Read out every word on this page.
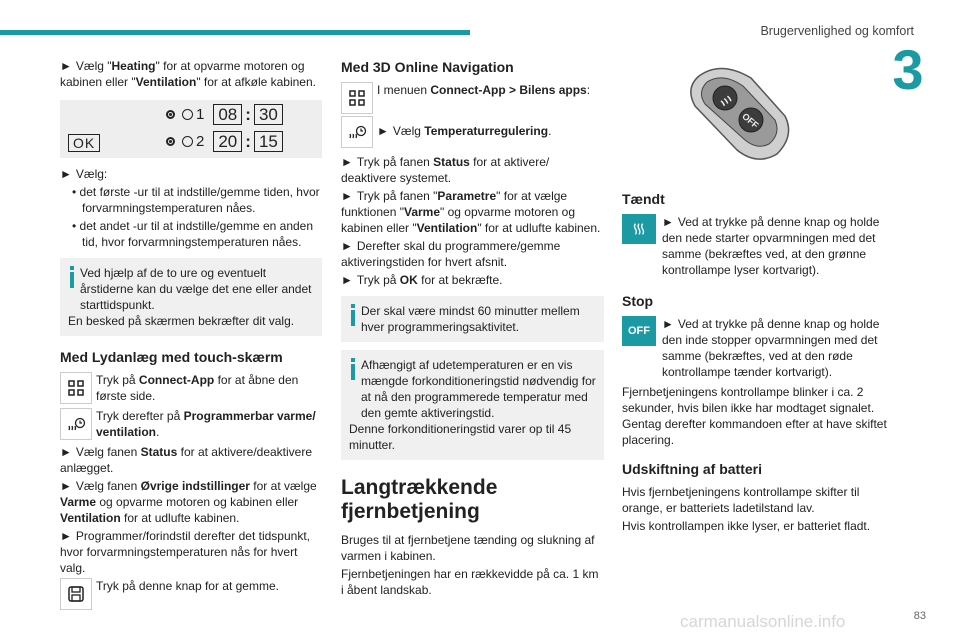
Brugervenlighed og komfort
3

► Vælg "Heating" for at opvarme motoren og kabinen eller "Ventilation" for at afkøle kabinen.

1 08 : 30
OK	2 20 : 15

► Vælg:

• det første -ur til at indstille/gemme tiden, hvor forvarmningstemperaturen nåes.

• det andet -ur til at indstille/gemme en anden tid, hvor forvarmningstemperaturen nåes.

Ved hjælp af de to ure og eventuelt årstiderne kan du vælge det ene eller andet starttidspunkt.
En besked på skærmen bekræfter dit valg.
Med Lydanlæg med touch-skærm

Tryk på Connect-App for at åbne den første side.

Tryk derefter på Programmerbar varme/ ventilation.

► Vælg fanen Status for at aktivere/deaktivere anlægget.

► Vælg fanen Øvrige indstillinger for at vælge Varme og opvarme motoren og kabinen eller Ventilation for at udlufte kabinen.

► Programmer/forindstil derefter det tidspunkt, hvor forvarmningstemperaturen nås for hvert valg.

Tryk på denne knap for at gemme.

Med 3D Online Navigation

I menuen Connect-App > Bilens apps:

► Vælg Temperaturregulering.

► Tryk på fanen Status for at aktivere/ deaktivere systemet.

► Tryk på fanen "Parametre" for at vælge funktionen "Varme" og opvarme motoren og kabinen eller "Ventilation" for at udlufte kabinen.

► Derefter skal du programmere/gemme aktiveringstiden for hvert afsnit.

► Tryk på OK for at bekræfte.

Der skal være mindst 60 minutter mellem hver programmeringsaktivitet.
Afhængigt af udetemperaturen er en vis mængde forkonditioneringstid nødvendig for at nå den programmerede temperatur med den gemte aktiveringstid.
Denne forkonditioneringstid varer op til 45 minutter.
Langtrækkende fjernbetjening

Bruges til at fjernbetjene tænding og slukning af varmen i kabinen.

Fjernbetjeningen har en rækkevidde på ca. 1 km i åbent landskab.

OFF
Tændt

► Ved at trykke på denne knap og holde den nede starter opvarmningen med det samme (bekræftes ved, at den grønne kontrollampe lyser kortvarigt).

Stop
OFF	► Ved at trykke på denne knap og holde den inde stopper opvarmningen med det samme (bekræftes, ved at den røde kontrollampe tænder kortvarigt).

Fjernbetjeningens kontrollampe blinker i ca. 2 sekunder, hvis bilen ikke har modtaget signalet. Gentag derefter kommandoen efter at have skiftet placering.

Udskiftning af batteri

Hvis fjernbetjeningens kontrollampe skifter til orange, er batteriets ladetilstand lav.

Hvis kontrollampen ikke lyser, er batteriet fladt.

83
carmanualsonline.info
